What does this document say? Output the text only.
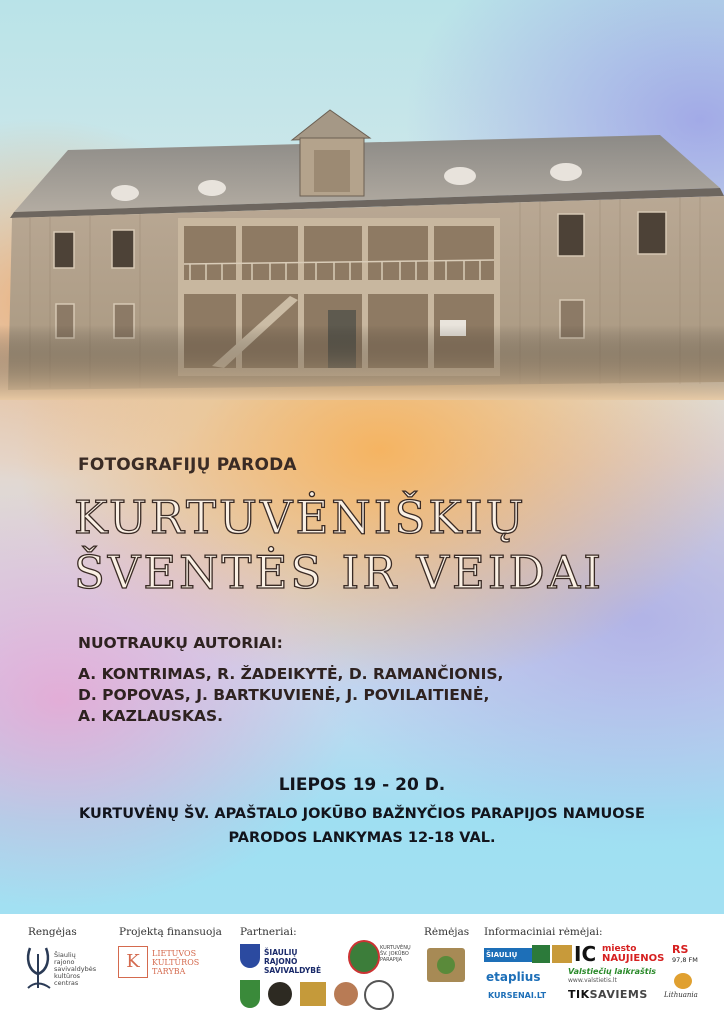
FOTOGRAFIJŲ PARODA
KURTUVĖNIŠKIŲ
ŠVENTĖS IR VEIDAI
NUOTRAUKŲ AUTORIAI:
A. KONTRIMAS, R. ŽADEIKYTĖ, D. RAMANČIONIS,
D. POPOVAS, J. BARTKUVIENĖ, J. POVILAITIENĖ,
A. KAZLAUSKAS.
LIEPOS 19 - 20 D.
KURTUVĖNŲ ŠV. APAŠTALO JOKŪBO BAŽNYČIOS PARAPIJOS NAMUOSE
PARODOS LANKYMAS 12-18 VAL.
Rengėjas
Šiaulių
rajono
savivaldybės
kultūros
centras
Projektą finansuoja
K	LIETUVOS
KULTŪROS
TARYBA
Partneriai:
ŠIAULIŲ RAJONO
SAVIVALDYBĖ
KURTUVĖNŲ
ŠV. JOKŪBO
PARAPIJA
Rėmėjas Informaciniai rėmėjai:
ŠIAULIŲ	IC miesto
NAUJIENOS
RS
97,8 FM
etaplius	Valstiečių laikraštis
www.valstietis.lt
Lithuania
KURSENAI.LT TIKSAVIEMS
